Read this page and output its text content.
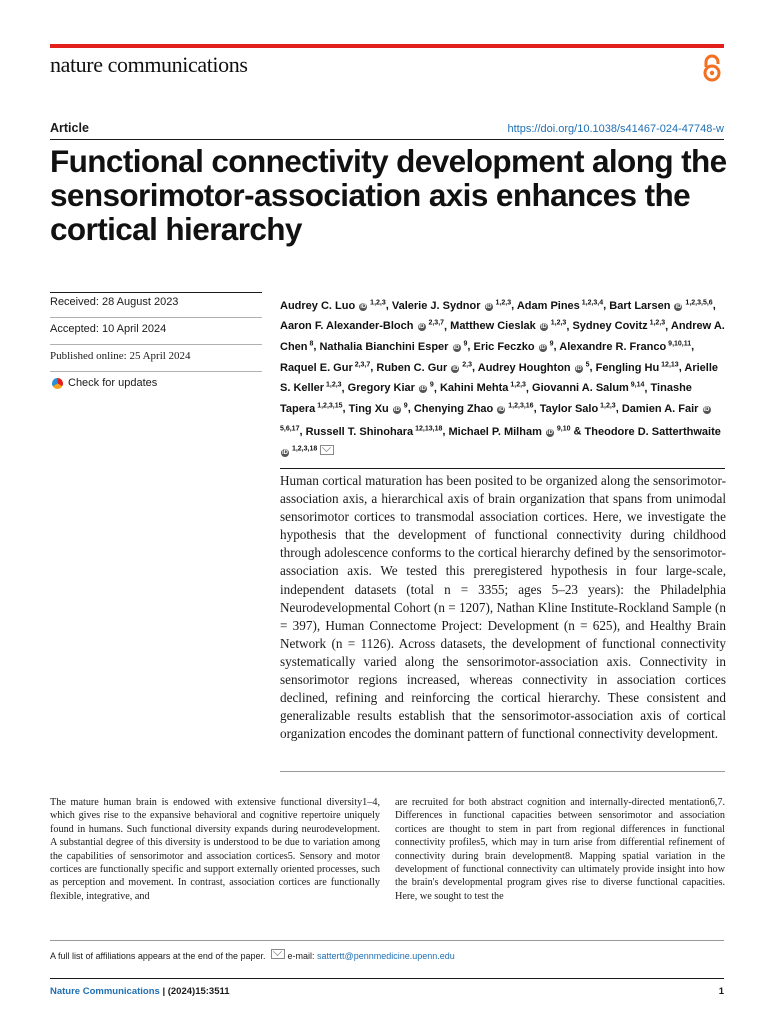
nature communications
Article	https://doi.org/10.1038/s41467-024-47748-w
Functional connectivity development along the sensorimotor-association axis enhances the cortical hierarchy
Received: 28 August 2023
Accepted: 10 April 2024
Published online: 25 April 2024
Check for updates

Audrey C. Luo iD $^{1,2,3}$, Valerie J. Sydnor iD $^{1,2,3}$, Adam Pines $^{1,2,3,4}$, Bart Larsen iD $^{1,2,3,5,6}$, Aaron F. Alexander-Bloch iD $^{2,3,7}$, Matthew Cieslak iD $^{1,2,3}$, Sydney Covitz $^{1,2,3}$, Andrew A. Chen $^8$, Nathalia Bianchini Esper iD $^9$, Eric Feczko iD $^9$, Alexandre R. Franco $^{9,10,11}$, Raquel E. Gur $^{2,3,7}$, Ruben C. Gur iD $^{2,3}$, Audrey Houghton iD $^5$, Fengling Hu $^{12,13}$, Arielle S. Keller $^{1,2,3}$, Gregory Kiar iD $^9$, Kahini Mehta $^{1,2,3}$, Giovanni A. Salum $^{9,14}$, Tinashe Tapera $^{1,2,3,15}$, Ting Xu iD $^9$, Chenying Zhao iD $^{1,2,3,16}$, Taylor Salo $^{1,2,3}$, Damien A. Fair iD $^{5,6,17}$, Russell T. Shinohara $^{12,13,18}$, Michael P. Milham iD $^{9,10}$ & Theodore D. Satterthwaite iD $^{1,2,3,18}$

Human cortical maturation has been posited to be organized along the sensorimotor-association axis, a hierarchical axis of brain organization that spans from unimodal sensorimotor cortices to transmodal association cortices. Here, we investigate the hypothesis that the development of functional connectivity during childhood through adolescence conforms to the cortical hierarchy defined by the sensorimotor-association axis. We tested this preregistered hypothesis in four large-scale, independent datasets (total n = 3355; ages 5–23 years): the Philadelphia Neurodevelopmental Cohort (n = 1207), Nathan Kline Institute-Rockland Sample (n = 397), Human Connectome Project: Development (n = 625), and Healthy Brain Network (n = 1126). Across datasets, the development of functional connectivity systematically varied along the sensorimotor-association axis. Connectivity in sensorimotor regions increased, whereas connectivity in association cortices declined, refining and reinforcing the cortical hierarchy. These consistent and generalizable results establish that the sensorimotor-association axis of cortical organization encodes the dominant pattern of functional connectivity development.

The mature human brain is endowed with extensive functional diversity1–4, which gives rise to the expansive behavioral and cognitive repertoire uniquely found in humans. Such functional diversity expands during neurodevelopment. A substantial degree of this diversity is understood to be due to variation among the capabilities of sensorimotor and association cortices5. Sensory and motor cortices are functionally specific and support externally oriented processes, such as perception and movement. In contrast, association cortices are functionally flexible, integrative, and

are recruited for both abstract cognition and internally-directed mentation6,7. Differences in functional capacities between sensorimotor and association cortices are thought to stem in part from regional differences in functional connectivity profiles5, which may in turn arise from differential refinement of connectivity during brain development8. Mapping spatial variation in the development of functional connectivity can ultimately provide insight into how the brain's developmental program gives rise to diverse functional capacities. Here, we sought to test the

A full list of affiliations appears at the end of the paper. e-mail: sattertt@pennmedicine.upenn.edu
Nature Communications | (2024)15:3511	1
